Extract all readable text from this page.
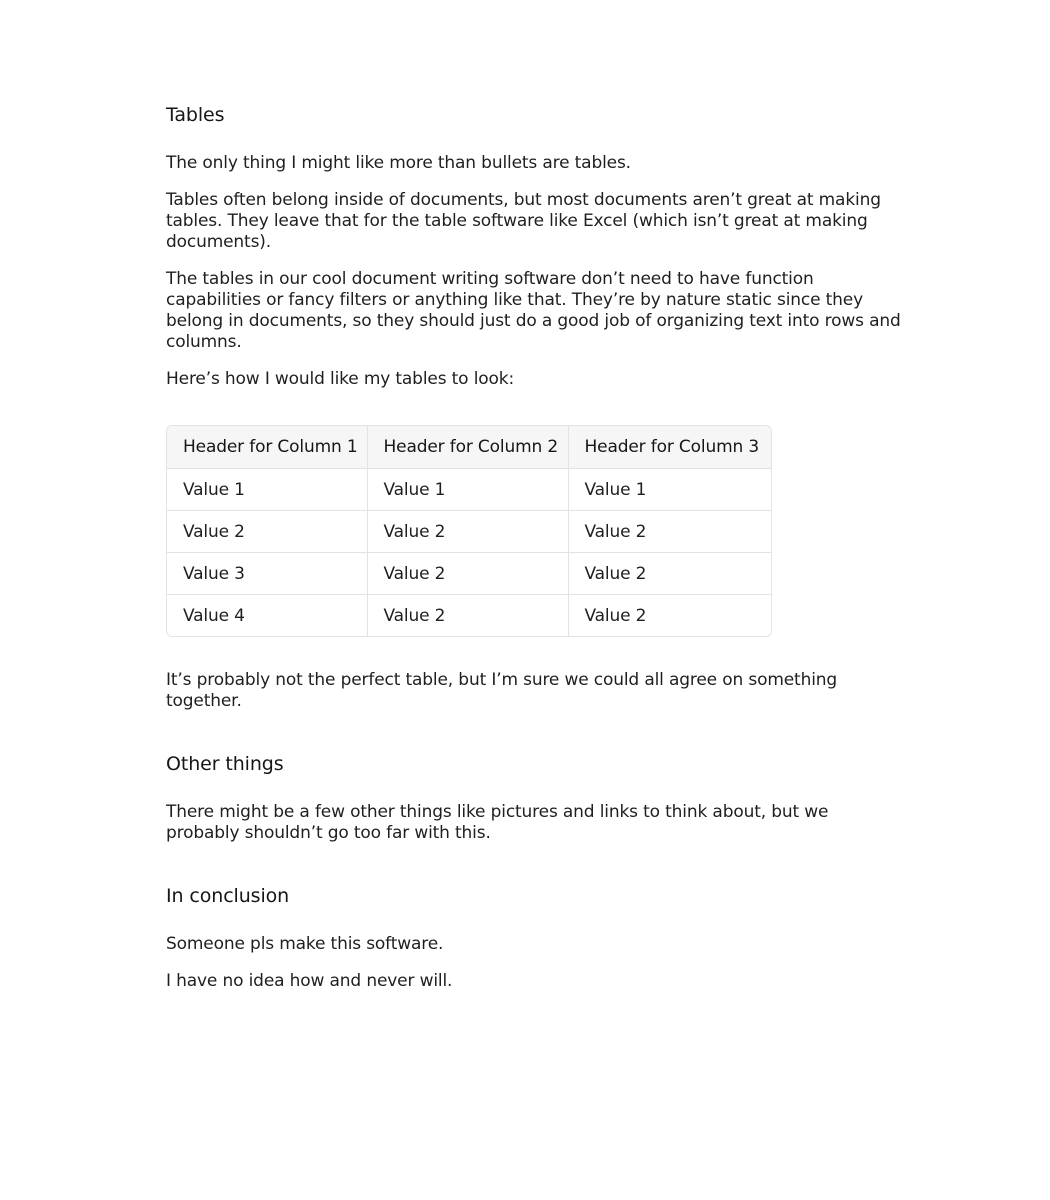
Tables

The only thing I might like more than bullets are tables.

Tables often belong inside of documents, but most documents aren’t great at making
tables. They leave that for the table software like Excel (which isn’t great at making
documents).

The tables in our cool document writing software don’t need to have function
capabilities or fancy filters or anything like that. They’re by nature static since they
belong in documents, so they should just do a good job of organizing text into rows and
columns.

Here’s how I would like my tables to look:

Header for Column 1	Header for Column 2	Header for Column 3
Value 1	Value 1	Value 1
Value 2	Value 2	Value 2
Value 3	Value 2	Value 2
Value 4	Value 2	Value 2

It’s probably not the perfect table, but I’m sure we could all agree on something
together.

Other things

There might be a few other things like pictures and links to think about, but we
probably shouldn’t go too far with this.

In conclusion

Someone pls make this software.

I have no idea how and never will.
